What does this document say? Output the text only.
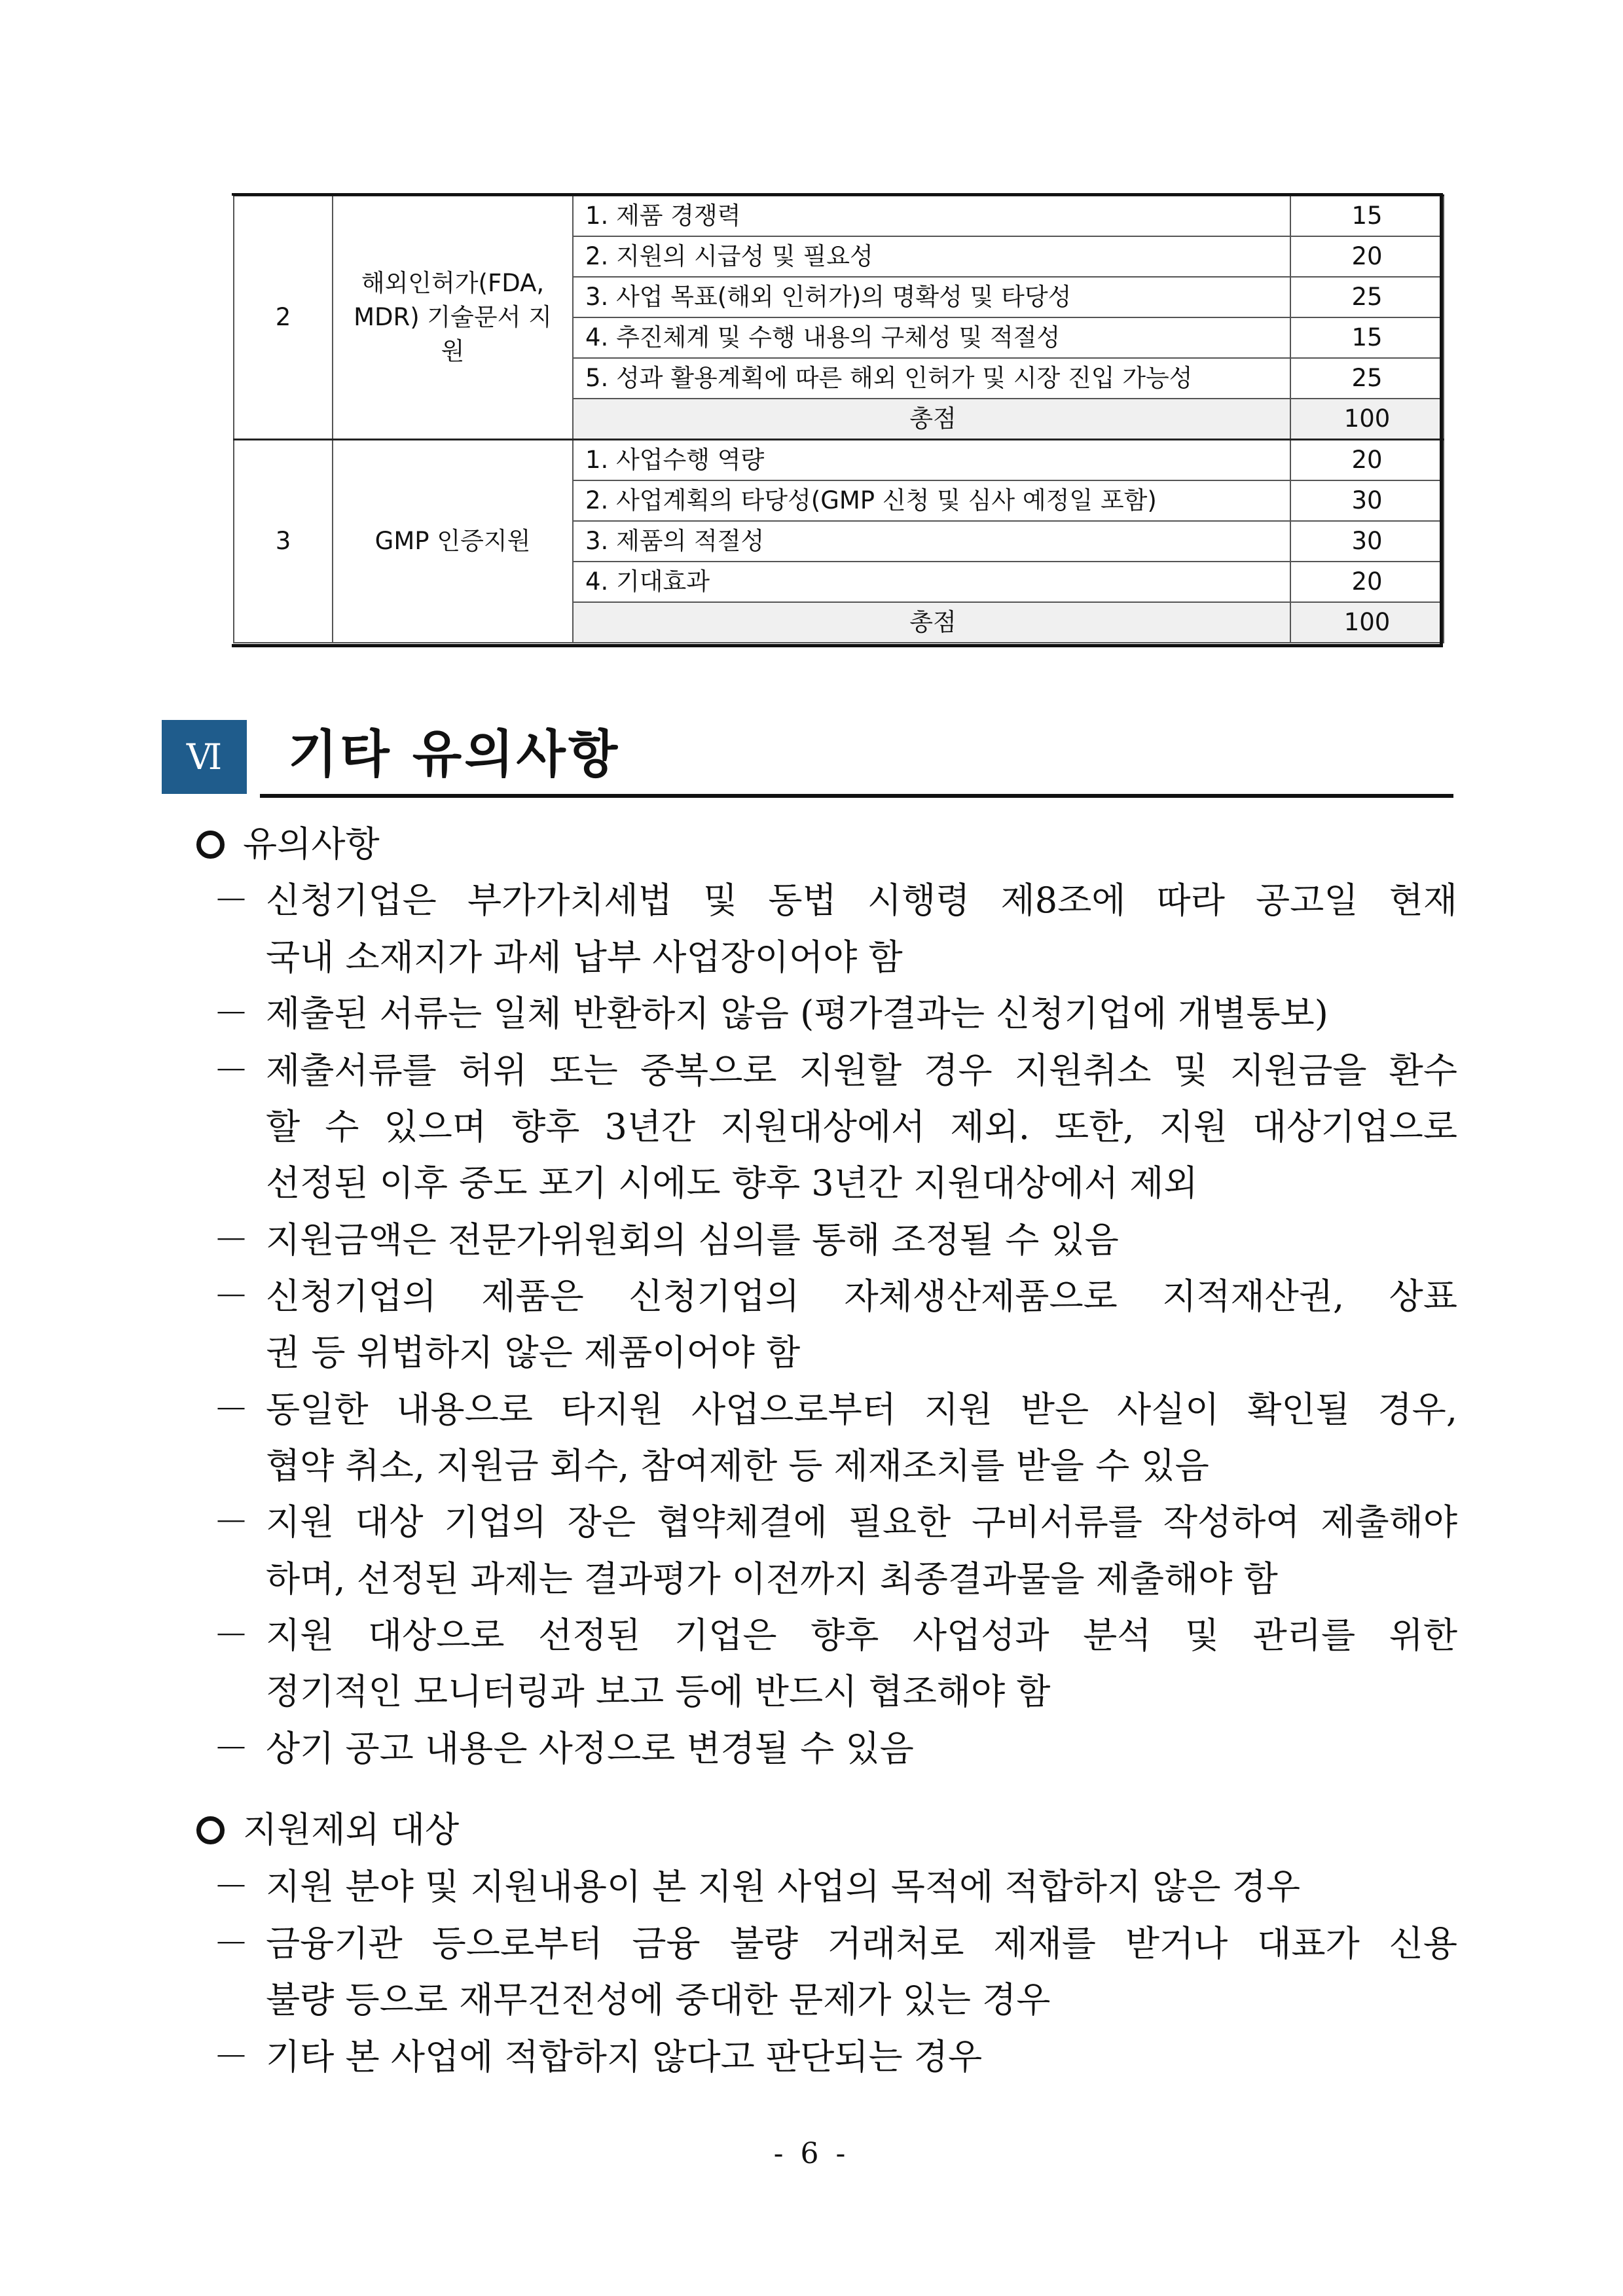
2	해외인허가(FDA, MDR) 기술문서 지원	1. 제품 경쟁력	15
		2. 지원의 시급성 및 필요성	20
		3. 사업 목표(해외 인허가)의 명확성 및 타당성	25
		4. 추진체계 및 수행 내용의 구체성 및 적절성	15
		5. 성과 활용계획에 따른 해외 인허가 및 시장 진입 가능성	25
		총점	100
3	GMP 인증지원	1. 사업수행 역량	20
		2. 사업계획의 타당성(GMP 신청 및 심사 예정일 포함)	30
		3. 제품의 적절성	30
		4. 기대효과	20
		총점	100
Ⅵ	기타 유의사항
유의사항
－ 신청기업은 부가가치세법 및 동법 시행령 제8조에 따라 공고일 현재
국내 소재지가 과세 납부 사업장이어야 함
－ 제출된 서류는 일체 반환하지 않음 (평가결과는 신청기업에 개별통보)
－ 제출서류를 허위 또는 중복으로 지원할 경우 지원취소 및 지원금을 환수
할 수 있으며 향후 3년간 지원대상에서 제외. 또한, 지원 대상기업으로
선정된 이후 중도 포기 시에도 향후 3년간 지원대상에서 제외
－ 지원금액은 전문가위원회의 심의를 통해 조정될 수 있음
－ 신청기업의 제품은 신청기업의 자체생산제품으로 지적재산권, 상표
권 등 위법하지 않은 제품이어야 함
－ 동일한 내용으로 타지원 사업으로부터 지원 받은 사실이 확인될 경우,
협약 취소, 지원금 회수, 참여제한 등 제재조치를 받을 수 있음
－ 지원 대상 기업의 장은 협약체결에 필요한 구비서류를 작성하여 제출해야
하며, 선정된 과제는 결과평가 이전까지 최종결과물을 제출해야 함
－ 지원 대상으로 선정된 기업은 향후 사업성과 분석 및 관리를 위한
정기적인 모니터링과 보고 등에 반드시 협조해야 함
－ 상기 공고 내용은 사정으로 변경될 수 있음
지원제외 대상
－ 지원 분야 및 지원내용이 본 지원 사업의 목적에 적합하지 않은 경우
－ 금융기관 등으로부터 금융 불량 거래처로 제재를 받거나 대표가 신용
불량 등으로 재무건전성에 중대한 문제가 있는 경우
－ 기타 본 사업에 적합하지 않다고 판단되는 경우
- 6 -
